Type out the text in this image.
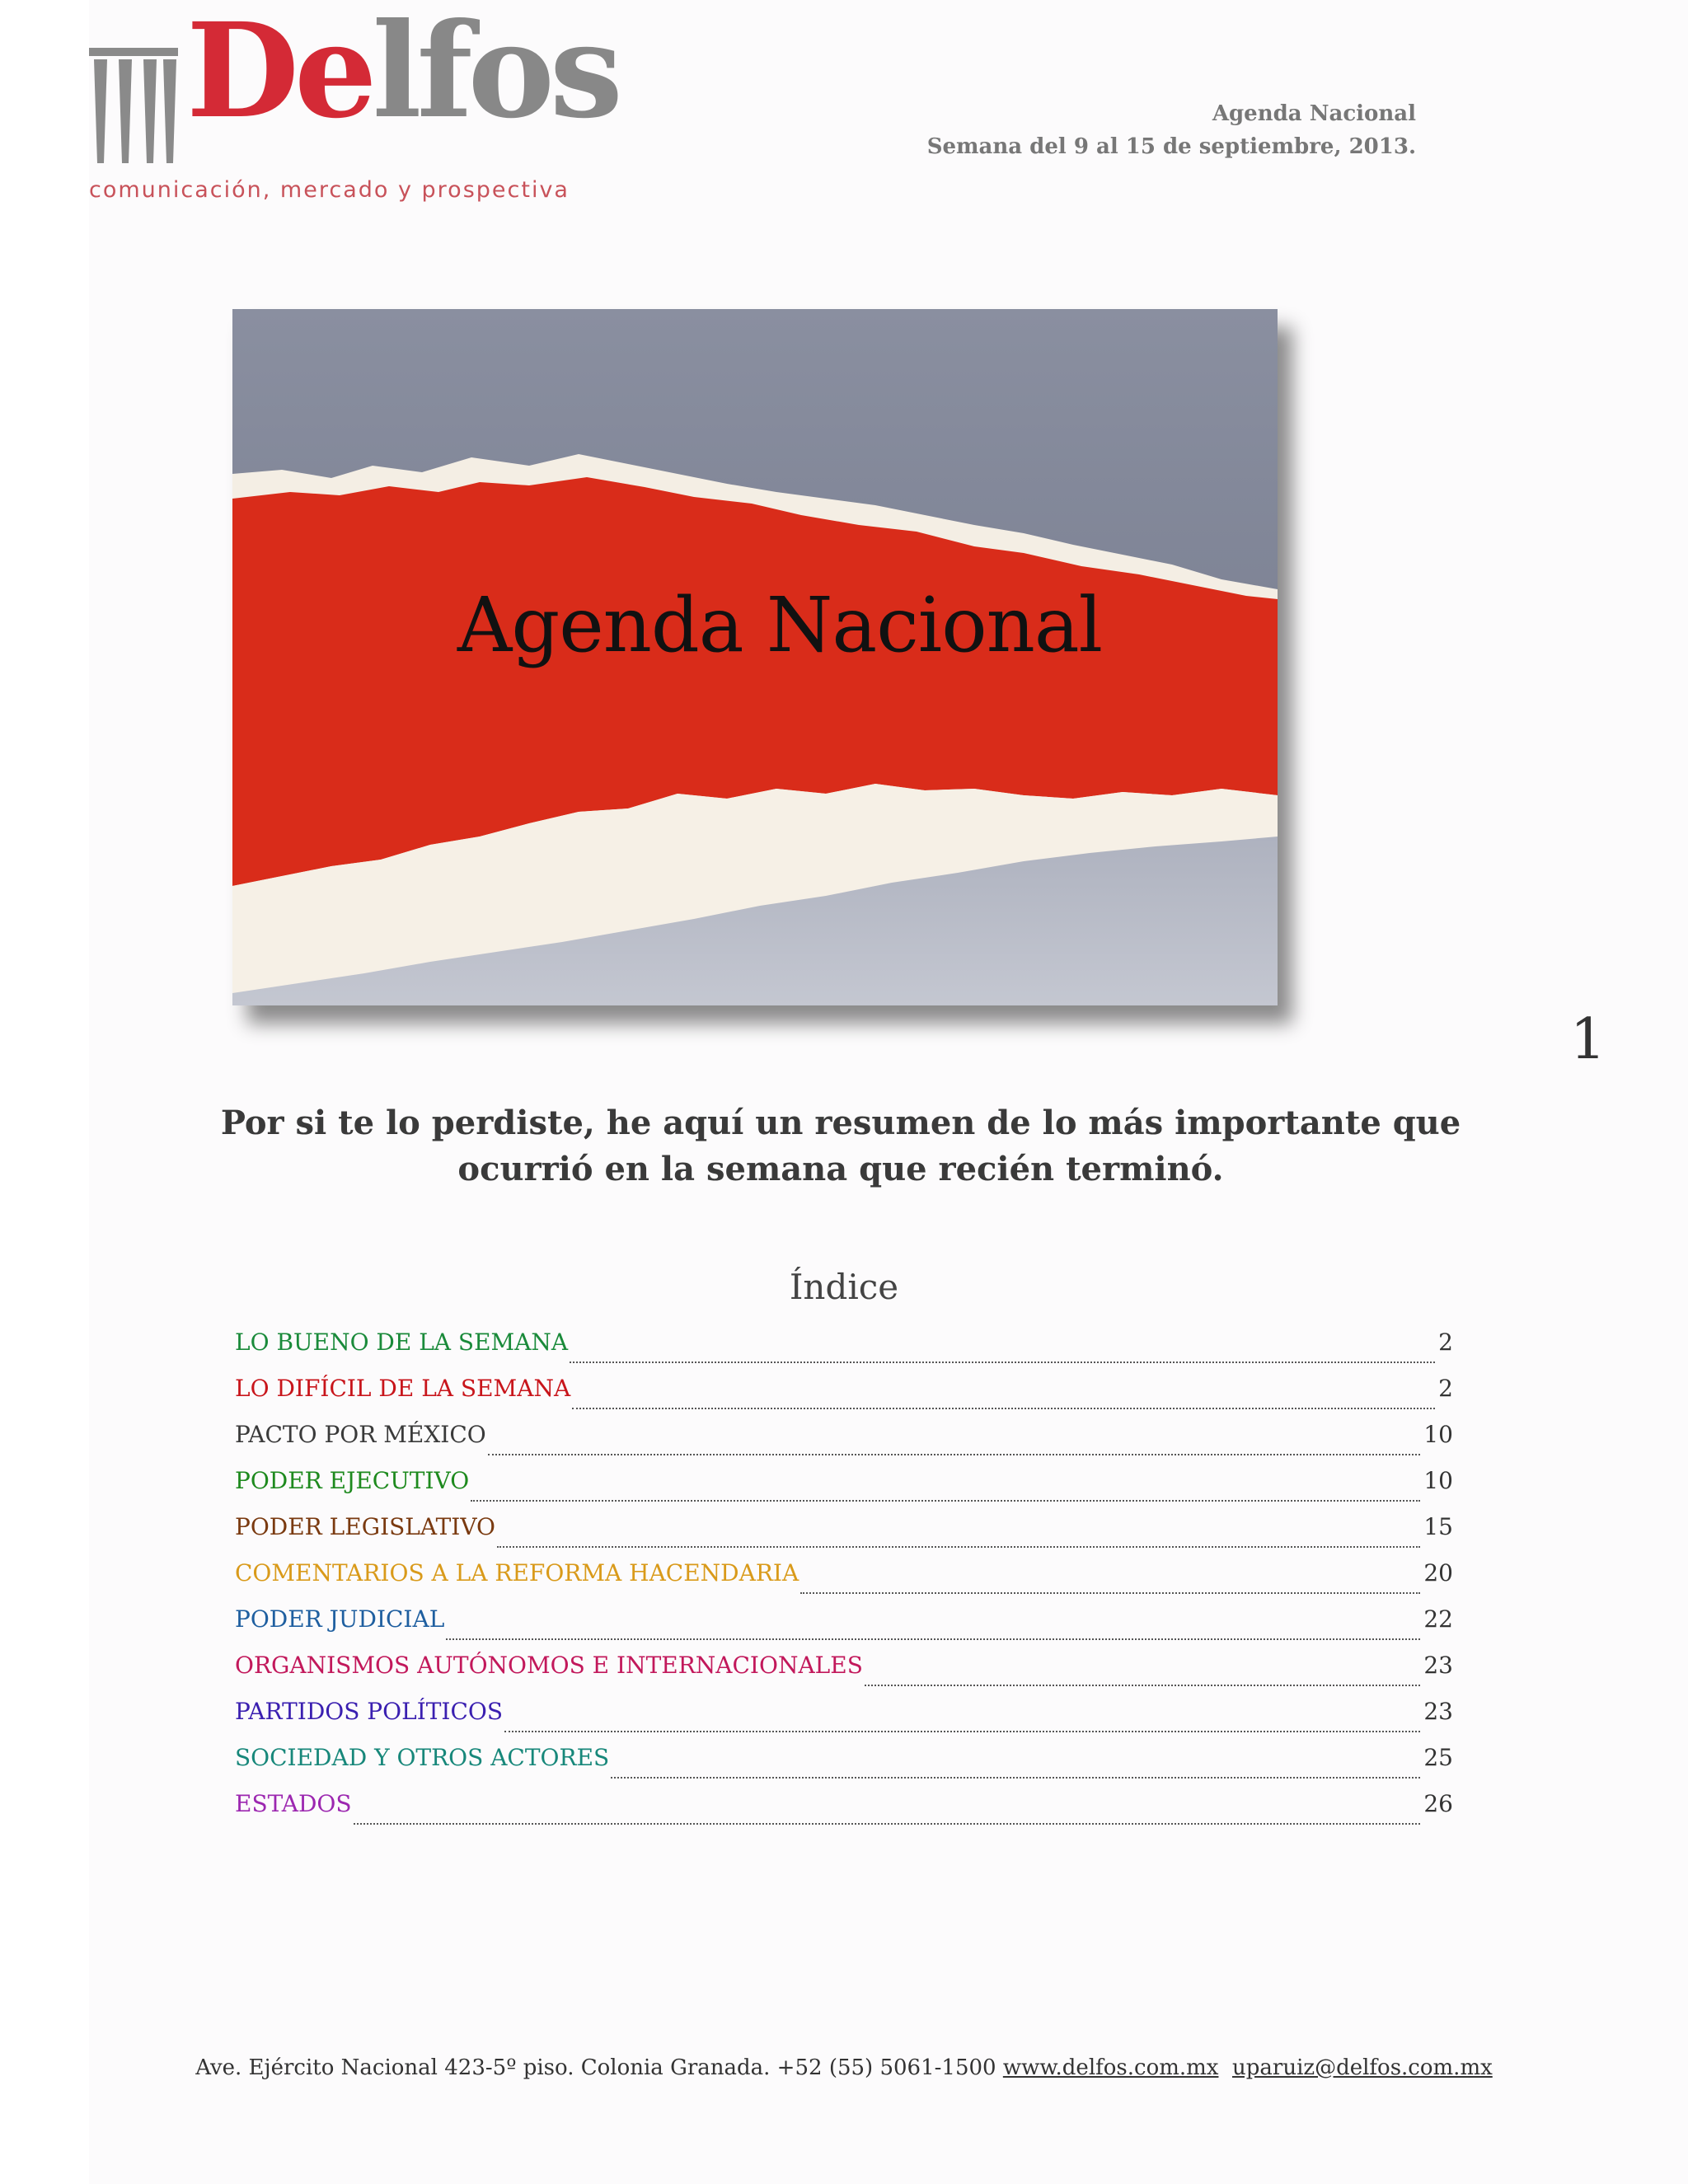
Delfos
comunicación, mercado y prospectiva
Agenda Nacional
Semana del 9 al 15 de septiembre, 2013.
Agenda Nacional
1
Por si te lo perdiste, he aquí un resumen de lo más importante que
ocurrió en la semana que recién terminó.
Índice
LO BUENO DE LA SEMANA	2
LO DIFÍCIL DE LA SEMANA	2
PACTO POR MÉXICO	10
PODER EJECUTIVO	10
PODER LEGISLATIVO	15
COMENTARIOS A LA REFORMA HACENDARIA	20
PODER JUDICIAL	22
ORGANISMOS AUTÓNOMOS E INTERNACIONALES	23
PARTIDOS POLÍTICOS	23
SOCIEDAD Y OTROS ACTORES	25
ESTADOS	26
Ave. Ejército Nacional 423-5º piso. Colonia Granada. +52 (55) 5061-1500 www.delfos.com.mx uparuiz@delfos.com.mx
